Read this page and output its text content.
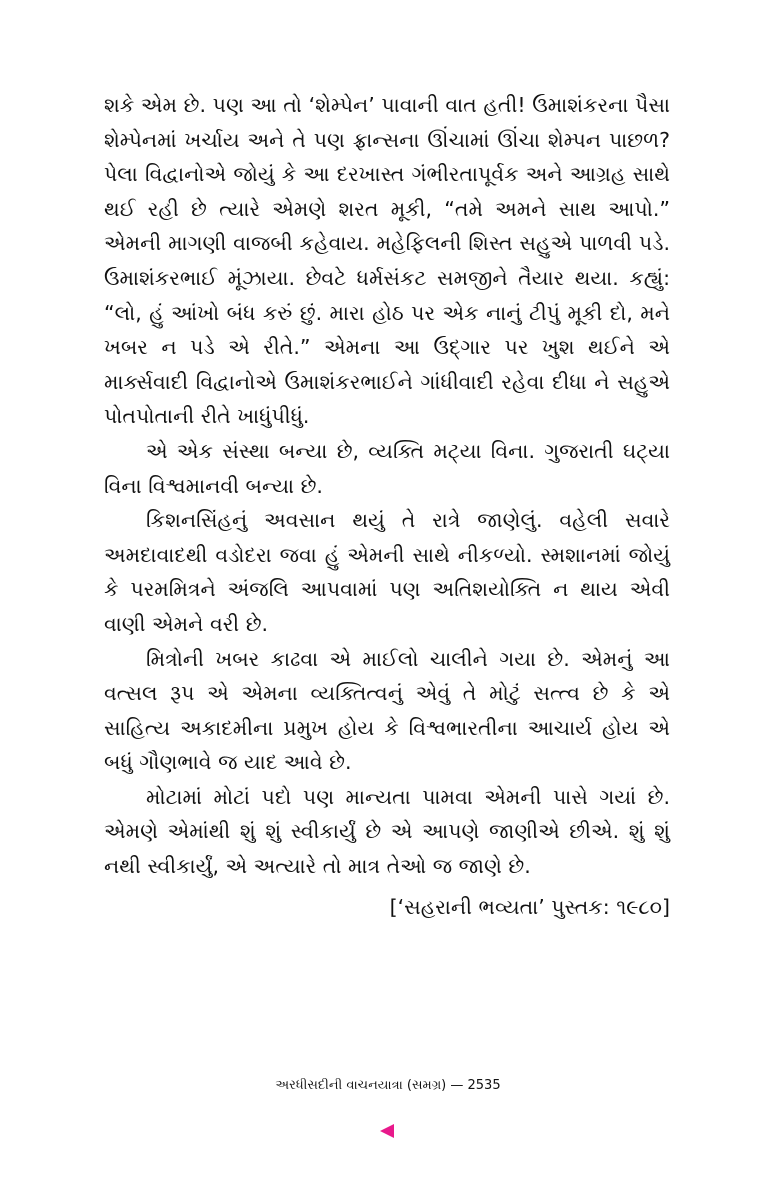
શકે એમ છે. પણ આ તો ‘શેમ્પેન’ પાવાની વાત હતી! ઉમાશંકરના પૈસા શેમ્પેનમાં ખર્ચાય અને તે પણ ફ્રાન્સના ઊંચામાં ઊંચા શેમ્પન પાછળ? પેલા વિદ્વાનોએ જોયું કે આ દરખાસ્ત ગંભીરતાપૂર્વક અને આગ્રહ સાથે થઈ રહી છે ત્યારે એમણે શરત મૂકી, “તમે અમને સાથ આપો.” એમની માગણી વાજબી કહેવાય. મહેફિલની શિસ્ત સહુએ પાળવી પડે. ઉમાશંકરભાઈ મૂંઝાયા. છેવટે ધર્મસંકટ સમજીને તૈયાર થયા. કહ્યું: “લો, હું આંખો બંધ કરું છું. મારા હોઠ પર એક નાનું ટીપું મૂકી દો, મને ખબર ન પડે એ રીતે.” એમના આ ઉદ્ગાર પર ખુશ થઈને એ માર્ક્સવાદી વિદ્વાનોએ ઉમાશંકરભાઈને ગાંધીવાદી રહેવા દીધા ને સહુએ પોતપોતાની રીતે ખાધુંપીધું.

એ એક સંસ્થા બન્યા છે, વ્યક્તિ મટ્યા વિના. ગુજરાતી ઘટ્યા વિના વિશ્વમાનવી બન્યા છે.

કિશનસિંહનું અવસાન થયું તે રાત્રે જાણેલું. વહેલી સવારે અમદાવાદથી વડોદરા જવા હું એમની સાથે નીકળ્યો. સ્મશાનમાં જોયું કે પરમમિત્રને અંજલિ આપવામાં પણ અતિશયોક્તિ ન થાય એવી વાણી એમને વરી છે.

મિત્રોની ખબર કાઢવા એ માઈલો ચાલીને ગયા છે. એમનું આ વત્સલ રૂપ એ એમના વ્યક્તિત્વનું એવું તે મોટું સત્ત્વ છે કે એ સાહિત્ય અકાદમીના પ્રમુખ હોય કે વિશ્વભારતીના આચાર્ય હોય એ બધું ગૌણભાવે જ યાદ આવે છે.

મોટામાં મોટાં પદો પણ માન્યતા પામવા એમની પાસે ગયાં છે. એમણે એમાંથી શું શું સ્વીકાર્યું છે એ આપણે જાણીએ છીએ. શું શું નથી સ્વીકાર્યું, એ અત્યારે તો માત્ર તેઓ જ જાણે છે.

[‘સહરાની ભવ્યતા’ પુસ્તક: ૧૯૮૦]

અરધીસદીની વાચનયાત્રા (સમગ્ર) — 2535
